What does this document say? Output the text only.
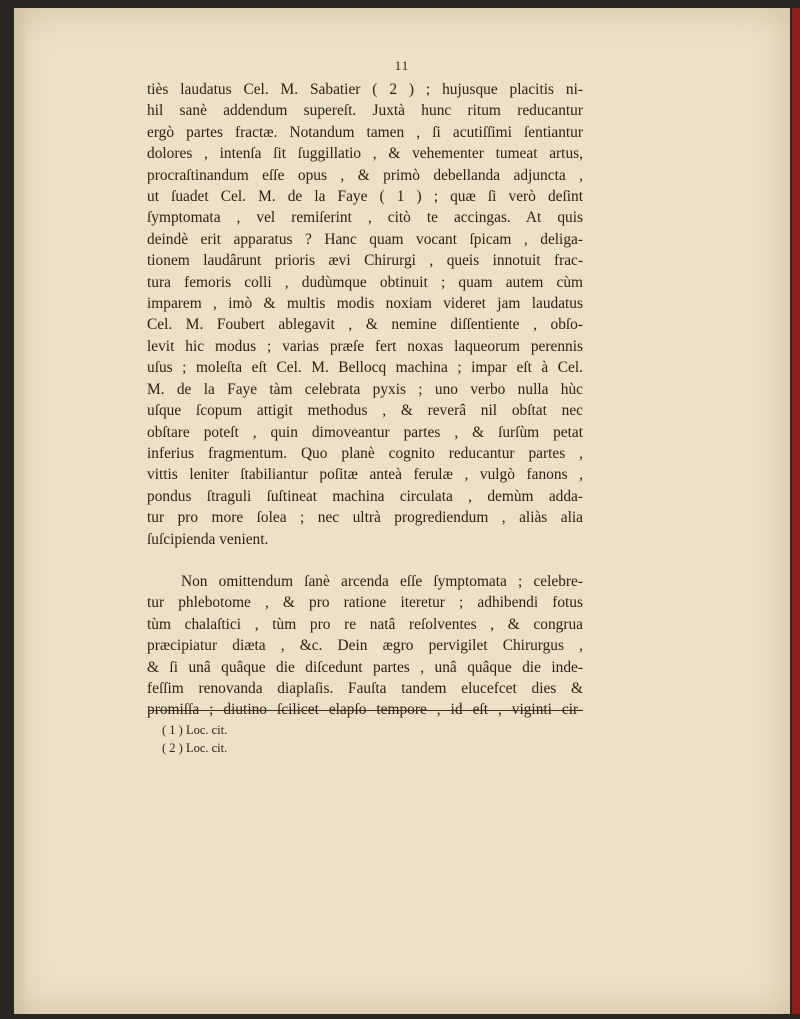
11
tiès laudatus Cel. M. Sabatier ( 2 ) ; hujusque placitis ni-
hil sanè addendum supereſt. Juxtà hunc ritum reducantur
ergò partes fractæ. Notandum tamen , ſi acutiſſimi ſentiantur
dolores , intenſa ſit ſuggillatio , & vehementer tumeat artus,
procraſtinandum eſſe opus , & primò debellanda adjuncta ,
ut ſuadet Cel. M. de la Faye ( 1 ) ; quæ ſi verò deſint
ſymptomata , vel remiſerint , citò te accingas. At quis
deindè erit apparatus ? Hanc quam vocant ſpicam , deliga-
tionem laudârunt prioris ævi Chirurgi , queis innotuit frac-
tura femoris colli , dudùmque obtinuit ; quam autem cùm
imparem , imò & multis modis noxiam videret jam laudatus
Cel. M. Foubert ablegavit , & nemine diſſentiente , obſo-
levit hic modus ; varias præſe fert noxas laqueorum perennis
uſus ; moleſta eſt Cel. M. Bellocq machina ; impar eſt à Cel.
M. de la Faye tàm celebrata pyxis ; uno verbo nulla hùc
uſque ſcopum attigit methodus , & reverâ nil obſtat nec
obſtare poteſt , quin dimoveantur partes , & ſurſùm petat
inferius fragmentum. Quo planè cognito reducantur partes ,
vittis leniter ſtabiliantur poſitæ anteà ferulæ , vulgò fanons ,
pondus ſtraguli ſuſtineat machina circulata , demùm adda-
tur pro more ſolea ; nec ultrà progrediendum , aliàs alia
ſuſcipienda venient.
Non omittendum ſanè arcenda eſſe ſymptomata ; celebre-
tur phlebotome , & pro ratione iteretur ; adhibendi fotus
tùm chalaſtici , tùm pro re natâ reſolventes , & congrua
præcipiatur diæta , &c. Dein ægro pervigilet Chirurgus ,
& ſi unâ quâque die diſcedunt partes , unâ quâque die inde-
feſſim renovanda diaplaſis. Fauſta tandem elucefcet dies &
promiſſa ; diutino ſcilicet elapſo tempore , id eſt , viginti cir-
( 1 ) Loc. cit.
( 2 ) Loc. cit.
